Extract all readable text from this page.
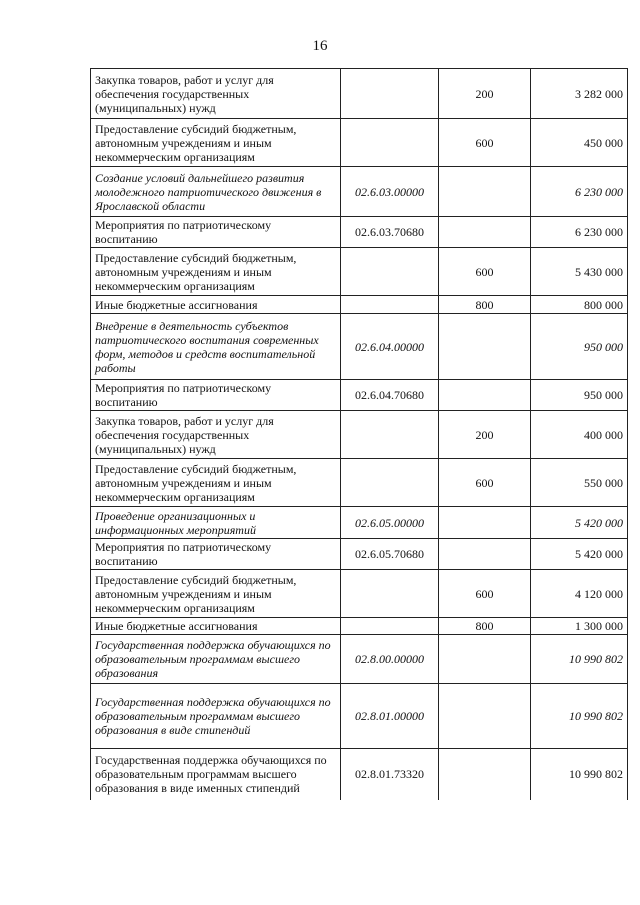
16
Закупка товаров, работ и услуг для обеспечения государственных (муниципальных) нужд		200	3 282 000
Предоставление субсидий бюджетным, автономным учреждениям и иным некоммерческим организациям		600	450 000
Создание условий дальнейшего развития молодежного патриотического движения в Ярославской области	02.6.03.00000		6 230 000
Мероприятия по патриотическому воспитанию	02.6.03.70680		6 230 000
Предоставление субсидий бюджетным, автономным учреждениям и иным некоммерческим организациям		600	5 430 000
Иные бюджетные ассигнования		800	800 000
Внедрение в деятельность субъектов патриотического воспитания современных форм, методов и средств воспитательной работы	02.6.04.00000		950 000
Мероприятия по патриотическому воспитанию	02.6.04.70680		950 000
Закупка товаров, работ и услуг для обеспечения государственных (муниципальных) нужд		200	400 000
Предоставление субсидий бюджетным, автономным учреждениям и иным некоммерческим организациям		600	550 000
Проведение организационных и информационных мероприятий	02.6.05.00000		5 420 000
Мероприятия по патриотическому воспитанию	02.6.05.70680		5 420 000
Предоставление субсидий бюджетным, автономным учреждениям и иным некоммерческим организациям		600	4 120 000
Иные бюджетные ассигнования		800	1 300 000
Государственная поддержка обучающихся по образовательным программам высшего образования	02.8.00.00000		10 990 802
Государственная поддержка обучающихся по образовательным программам высшего образования в виде стипендий	02.8.01.00000		10 990 802
Государственная поддержка обучающихся по образовательным программам высшего образования в виде именных стипендий	02.8.01.73320		10 990 802
